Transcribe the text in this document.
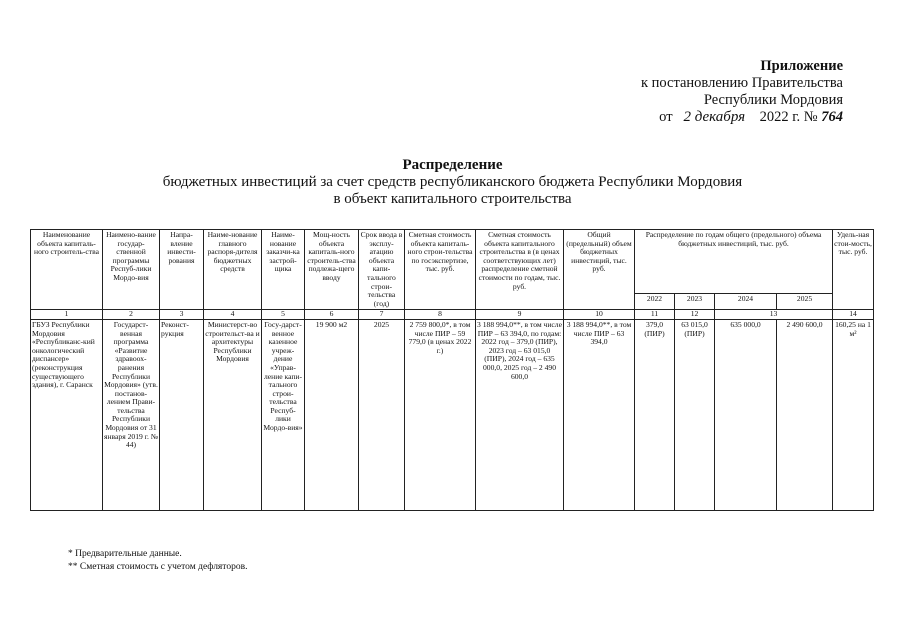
Приложение
к постановлению Правительства
Республики Мордовия
от 2 декабря 2022 г. № 764
Распределение
бюджетных инвестиций за счет средств республиканского бюджета Республики Мордовия
в объект капитального строительства
Наименование объекта капиталь-ного строитель-ства	Наимено-вание государ-ственной программы Респуб-лики Мордо-вия	Напра-вление инвести-рования	Наиме-нование главного распоря-дителя бюджетных средств	Наиме-нование заказчи-ка застрой-щика	Мощ-ность объекта капиталь-ного строитель-ства подлежа-щего вводу	Срок ввода в эксплу-атацию объекта капи-тального строи-тельства (год)	Сметная стоимость объекта капиталь-ного строи-тельства по госэкспертизе, тыс. руб.	Сметная стоимость объекта капитального строительства в (в ценах соответствующих лет) распределение сметной стоимости по годам, тыс. руб.	Общий (предельный) объем бюджетных инвестиций, тыс. руб.	Распределение по годам общего (предельного) объема бюджетных инвестиций, тыс. руб.				Удель-ная стои-мость, тыс. руб.
										2022	2023	2024	2025	
1	2	3	4	5	6	7	8	9	10	11	12	13		14
ГБУЗ Республики Мордовия «Республиканс-кий онкологический диспансер» (реконструкция существующего здания), г. Саранск	Государст-венная программа «Развитие здравоох-ранения Республики Мордовия» (утв. постанов-лением Прави-тельства Республики Мордовия от 31 января 2019 г. № 44)	Реконст-рукция	Министерст-во строительст-ва и архитектуры Республики Мордовия	Госу-дарст-венное казенное учреж-дение «Управ-ление капи-тального строи-тельства Респуб-лики Мордо-вия»	19 900 м2	2025	2 759 800,0*, в том числе ПИР – 59 779,0 (в ценах 2022 г.)	3 188 994,0**, в том числе ПИР – 63 394,0, по годам: 2022 год – 379,0 (ПИР), 2023 год – 63 015,0 (ПИР), 2024 год – 635 000,0, 2025 год – 2 490 600,0	3 188 994,0**, в том числе ПИР – 63 394,0	379,0 (ПИР)	63 015,0 (ПИР)	635 000,0	2 490 600,0	160,25 на 1 м²
* Предварительные данные.
** Сметная стоимость с учетом дефляторов.
